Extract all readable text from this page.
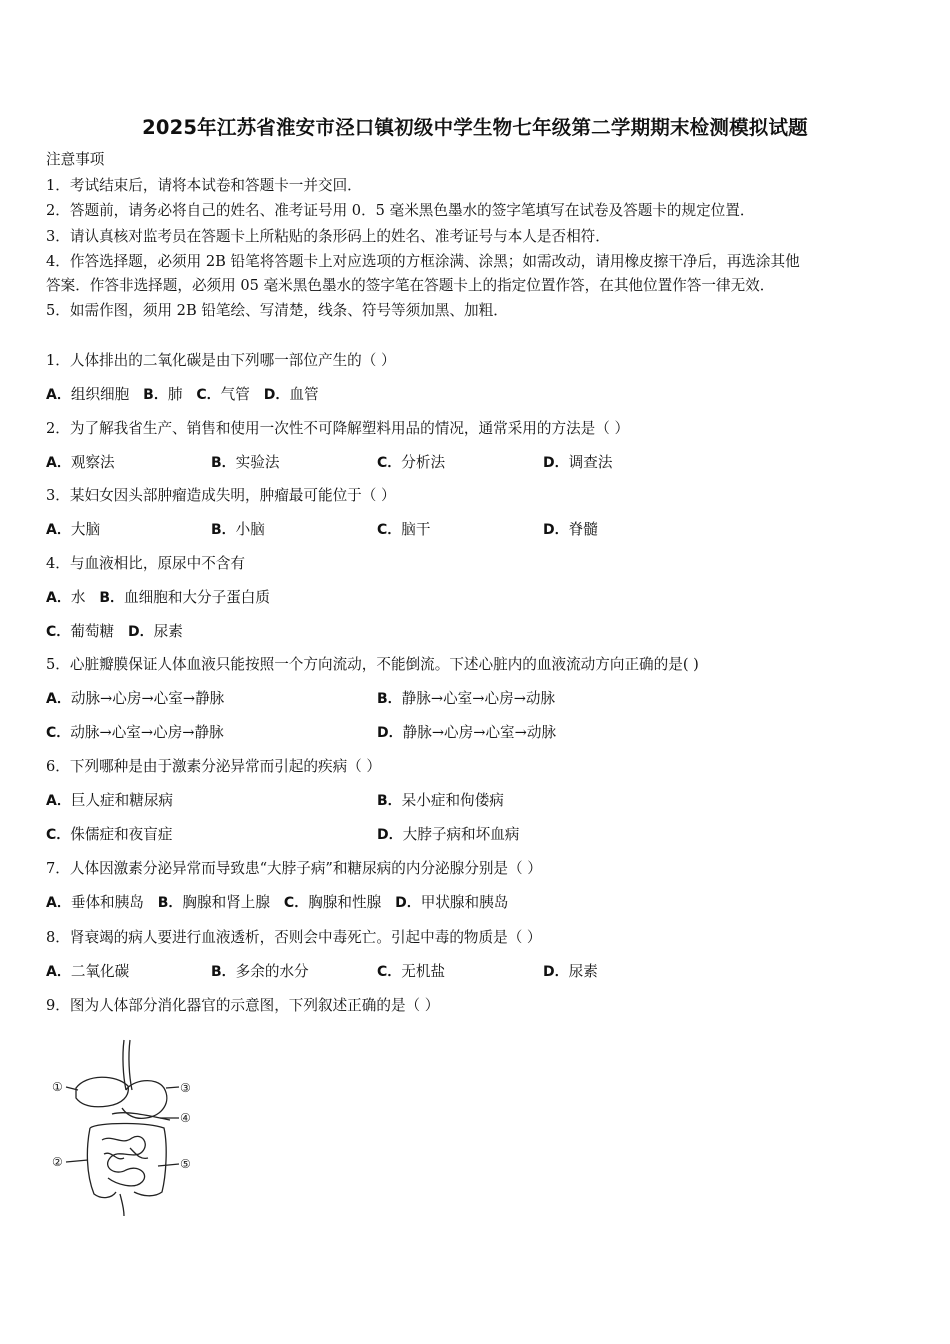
2025年江苏省淮安市泾口镇初级中学生物七年级第二学期期末检测模拟试题
注意事项
1．考试结束后，请将本试卷和答题卡一并交回．
2．答题前，请务必将自己的姓名、准考证号用 0．5 毫米黑色墨水的签字笔填写在试卷及答题卡的规定位置．
3．请认真核对监考员在答题卡上所粘贴的条形码上的姓名、准考证号与本人是否相符．
4．作答选择题，必须用 2B 铅笔将答题卡上对应选项的方框涂满、涂黑；如需改动，请用橡皮擦干净后，再选涂其他
答案．作答非选择题，必须用 05 毫米黑色墨水的签字笔在答题卡上的指定位置作答，在其他位置作答一律无效．
5．如需作图，须用 2B 铅笔绘、写清楚，线条、符号等须加黑、加粗．
1．人体排出的二氧化碳是由下列哪一部位产生的（ ）
A．组织细胞 B．肺 C．气管 D．血管
2．为了解我省生产、销售和使用一次性不可降解塑料用品的情况，通常采用的方法是（ ）
A．观察法	B．实验法	C．分析法	D．调查法
3．某妇女因头部肿瘤造成失明，肿瘤最可能位于（ ）
A．大脑	B．小脑	C．脑干	D．脊髓
4．与血液相比，原尿中不含有
A．水 B．血细胞和大分子蛋白质
C．葡萄糖 D．尿素
5．心脏瓣膜保证人体血液只能按照一个方向流动，不能倒流。下述心脏内的血液流动方向正确的是( )
A．动脉→心房→心室→静脉	B．静脉→心室→心房→动脉
C．动脉→心室→心房→静脉	D．静脉→心房→心室→动脉
6．下列哪种是由于激素分泌异常而引起的疾病（ ）
A．巨人症和糖尿病	B．呆小症和佝偻病
C．侏儒症和夜盲症	D．大脖子病和坏血病
7．人体因激素分泌异常而导致患“大脖子病”和糖尿病的内分泌腺分别是（ ）
A．垂体和胰岛 B．胸腺和肾上腺 C．胸腺和性腺 D．甲状腺和胰岛
8．肾衰竭的病人要进行血液透析，否则会中毒死亡。引起中毒的物质是（ ）
A．二氧化碳	B．多余的水分	C．无机盐	D．尿素
9．图为人体部分消化器官的示意图，下列叙述正确的是（ ）
①
②
③
④
⑤
